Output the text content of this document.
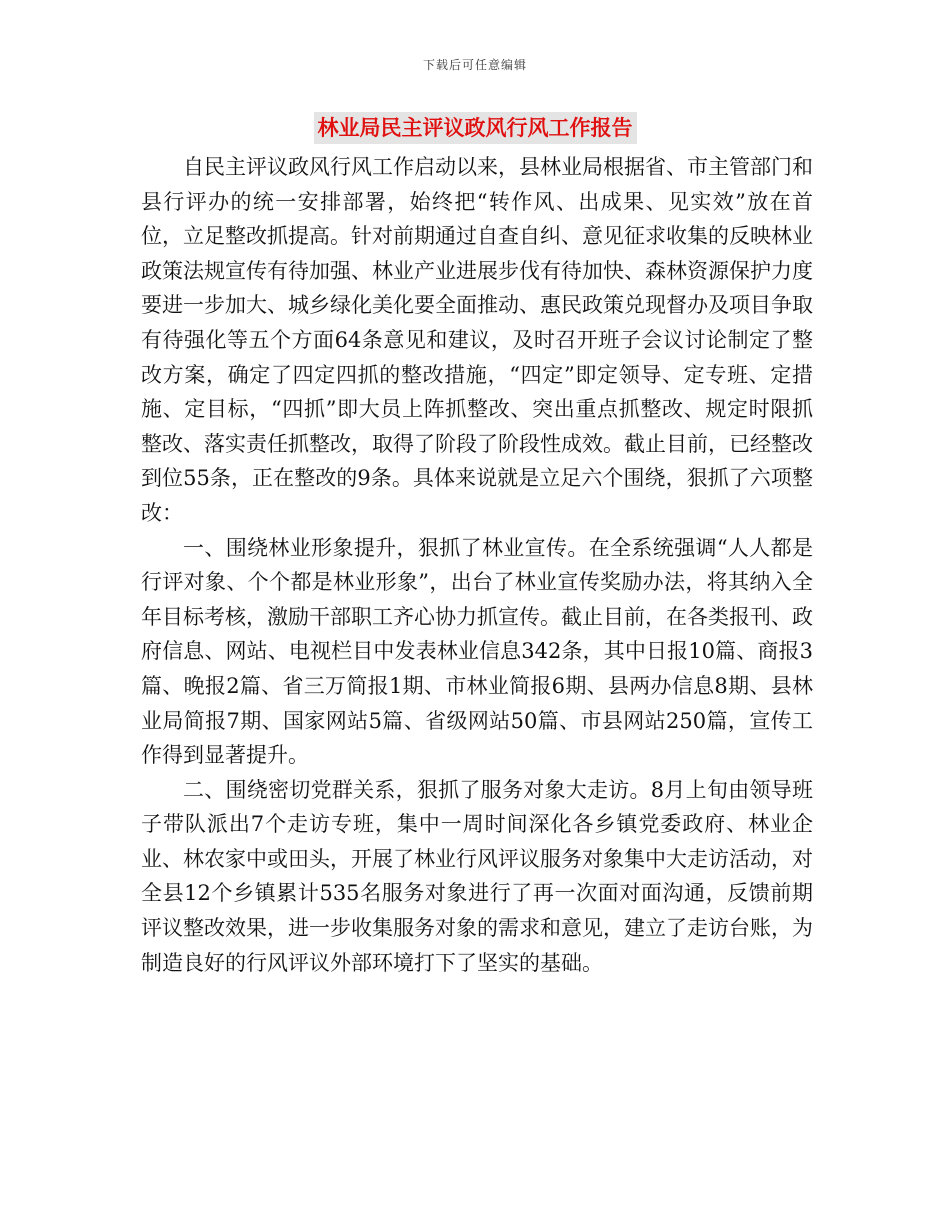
下载后可任意编辑
林业局民主评议政风行风工作报告

自民主评议政风行风工作启动以来，县林业局根据省、市主管部门和县行评办的统一安排部署，始终把“转作风、出成果、见实效”放在首位，立足整改抓提高。针对前期通过自查自纠、意见征求收集的反映林业政策法规宣传有待加强、林业产业进展步伐有待加快、森林资源保护力度要进一步加大、城乡绿化美化要全面推动、惠民政策兑现督办及项目争取有待强化等五个方面64条意见和建议，及时召开班子会议讨论制定了整改方案，确定了四定四抓的整改措施，“四定”即定领导、定专班、定措施、定目标，“四抓”即大员上阵抓整改、突出重点抓整改、规定时限抓整改、落实责任抓整改，取得了阶段了阶段性成效。截止目前，已经整改到位55条，正在整改的9条。具体来说就是立足六个围绕，狠抓了六项整改：

一、围绕林业形象提升，狠抓了林业宣传。在全系统强调“人人都是行评对象、个个都是林业形象”，出台了林业宣传奖励办法，将其纳入全年目标考核，激励干部职工齐心协力抓宣传。截止目前，在各类报刊、政府信息、网站、电视栏目中发表林业信息342条，其中日报10篇、商报3篇、晚报2篇、省三万简报1期、市林业简报6期、县两办信息8期、县林业局简报7期、国家网站5篇、省级网站50篇、市县网站250篇，宣传工作得到显著提升。

二、围绕密切党群关系，狠抓了服务对象大走访。8月上旬由领导班子带队派出7个走访专班，集中一周时间深化各乡镇党委政府、林业企业、林农家中或田头，开展了林业行风评议服务对象集中大走访活动，对全县12个乡镇累计535名服务对象进行了再一次面对面沟通，反馈前期评议整改效果，进一步收集服务对象的需求和意见，建立了走访台账，为制造良好的行风评议外部环境打下了坚实的基础。
